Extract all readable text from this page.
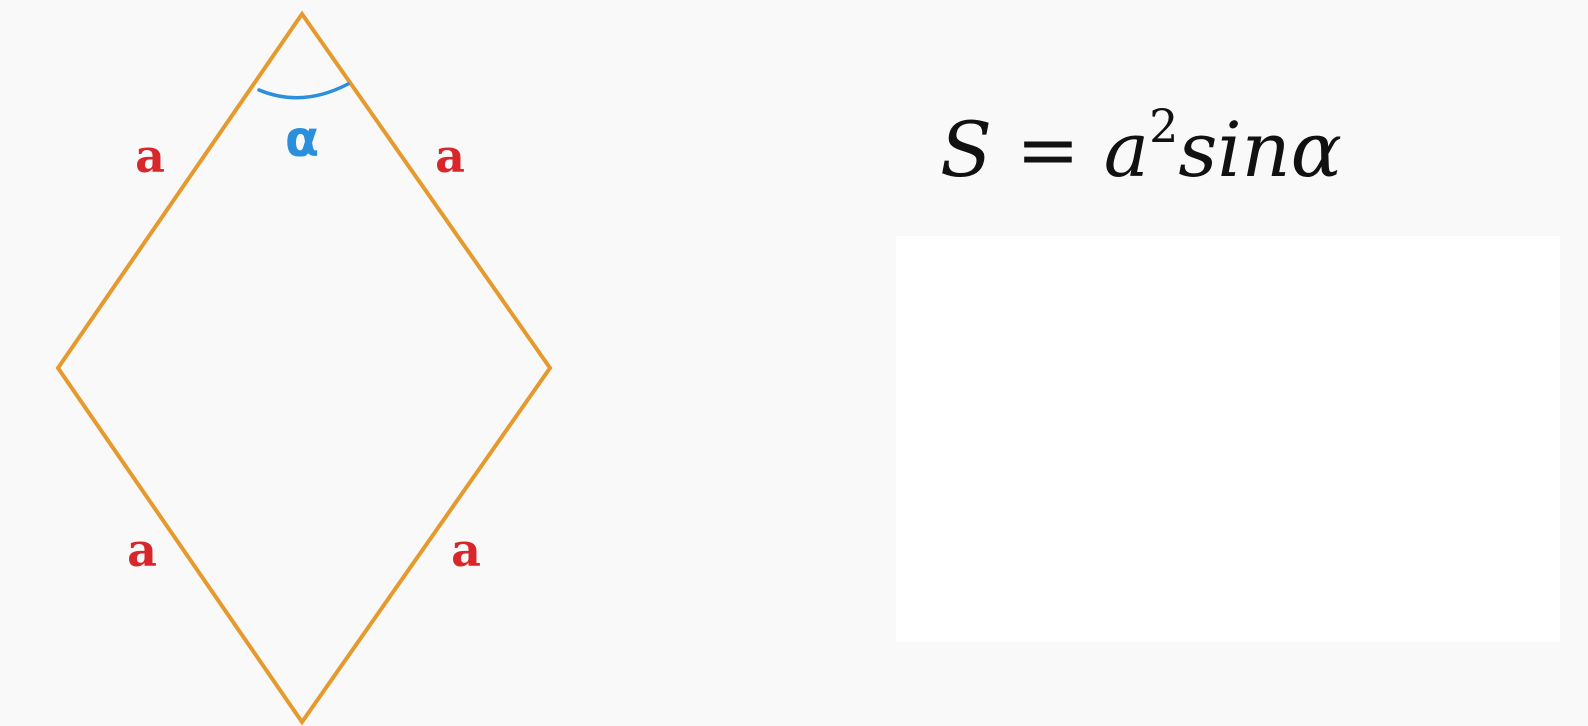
α
a	a
a	a
$S = a^2\sin\alpha$
